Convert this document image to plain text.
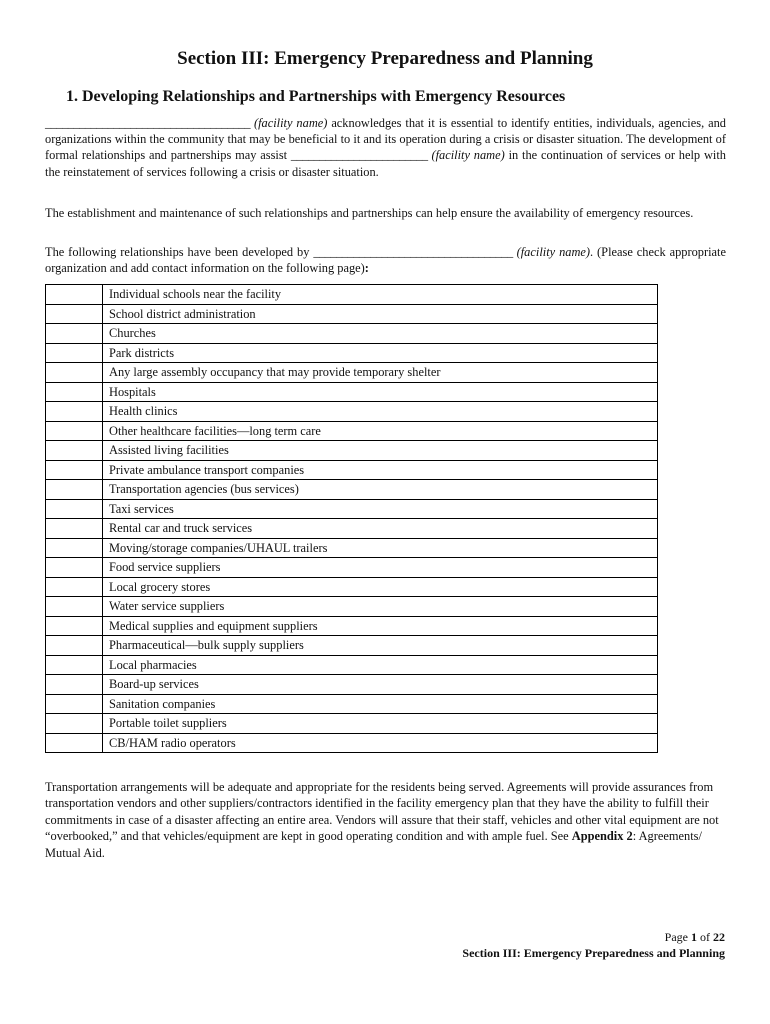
Section III: Emergency Preparedness and Planning
1. Developing Relationships and Partnerships with Emergency Resources

____________________________________ (facility name) acknowledges that it is essential to identify entities, individuals, agencies, and organizations within the community that may be beneficial to it and its operation during a crisis or disaster situation. The development of formal relationships and partnerships may assist ________________________ (facility name) in the continuation of services or help with the reinstatement of services following a crisis or disaster situation.

The establishment and maintenance of such relationships and partnerships can help ensure the availability of emergency resources.

The following relationships have been developed by ___________________________________ (facility name). (Please check appropriate organization and add contact information on the following page):

	Individual schools near the facility
	School district administration
	Churches
	Park districts
	Any large assembly occupancy that may provide temporary shelter
	Hospitals
	Health clinics
	Other healthcare facilities—long term care
	Assisted living facilities
	Private ambulance transport companies
	Transportation agencies (bus services)
	Taxi services
	Rental car and truck services
	Moving/storage companies/UHAUL trailers
	Food service suppliers
	Local grocery stores
	Water service suppliers
	Medical supplies and equipment suppliers
	Pharmaceutical—bulk supply suppliers
	Local pharmacies
	Board-up services
	Sanitation companies
	Portable toilet suppliers
	CB/HAM radio operators

Transportation arrangements will be adequate and appropriate for the residents being served. Agreements will provide assurances from transportation vendors and other suppliers/contractors identified in the facility emergency plan that they have the ability to fulfill their commitments in case of a disaster affecting an entire area. Vendors will assure that their staff, vehicles and other vital equipment are not “overbooked,” and that vehicles/equipment are kept in good operating condition and with ample fuel. See Appendix 2: Agreements/ Mutual Aid.

Page 1 of 22
Section III: Emergency Preparedness and Planning
